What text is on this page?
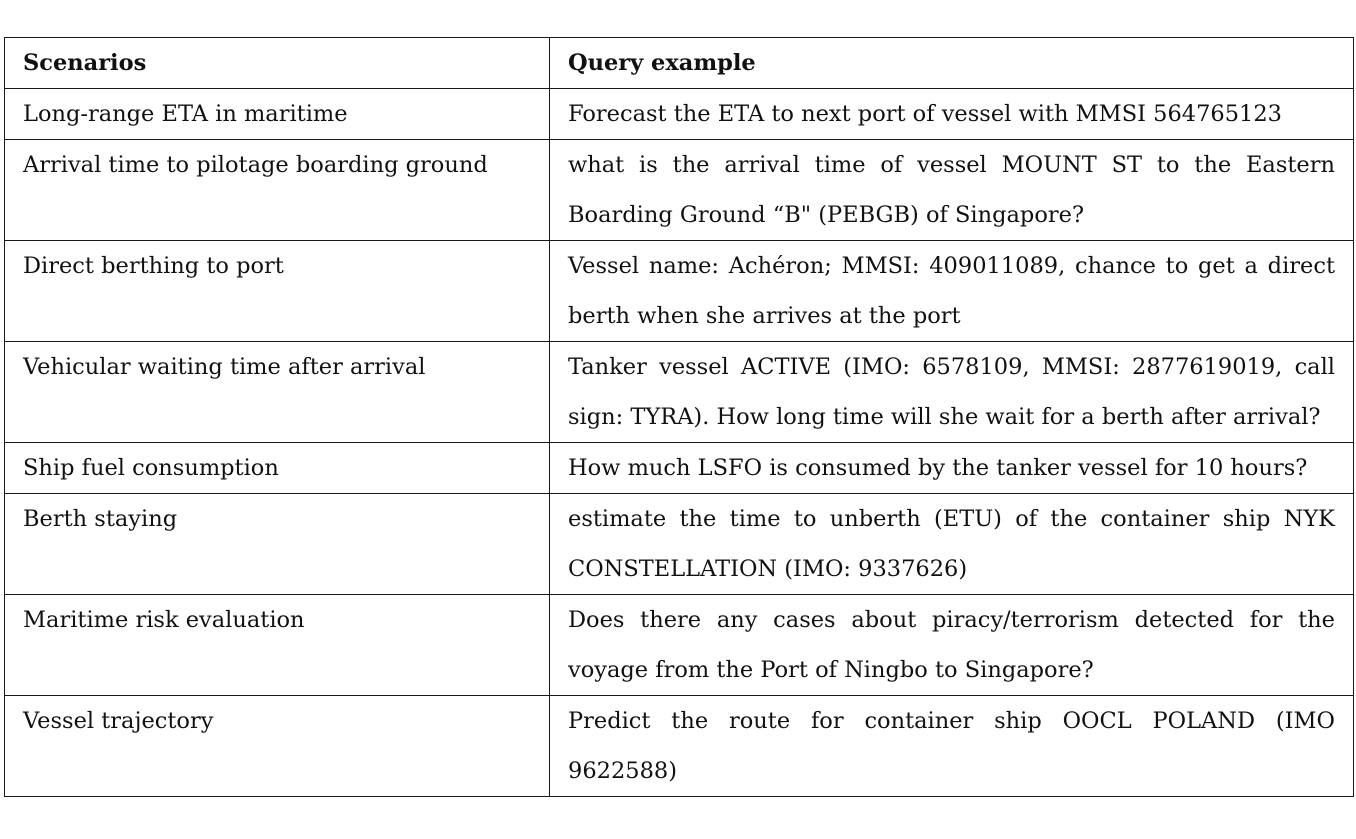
Scenarios	Query example
Long-range ETA in maritime	Forecast the ETA to next port of vessel with MMSI 564765123
Arrival time to pilotage boarding ground	what is the arrival time of vessel MOUNT ST to the Eastern Boarding Ground “B" (PEBGB) of Singapore?
Direct berthing to port	Vessel name: Achéron; MMSI: 409011089, chance to get a direct berth when she arrives at the port
Vehicular waiting time after arrival	Tanker vessel ACTIVE (IMO: 6578109, MMSI: 2877619019, call sign: TYRA). How long time will she wait for a berth after arrival?
Ship fuel consumption	How much LSFO is consumed by the tanker vessel for 10 hours?
Berth staying	estimate the time to unberth (ETU) of the container ship NYK CONSTELLATION (IMO: 9337626)
Maritime risk evaluation	Does there any cases about piracy/terrorism detected for the voyage from the Port of Ningbo to Singapore?
Vessel trajectory	Predict the route for container ship OOCL POLAND (IMO 9622588)
